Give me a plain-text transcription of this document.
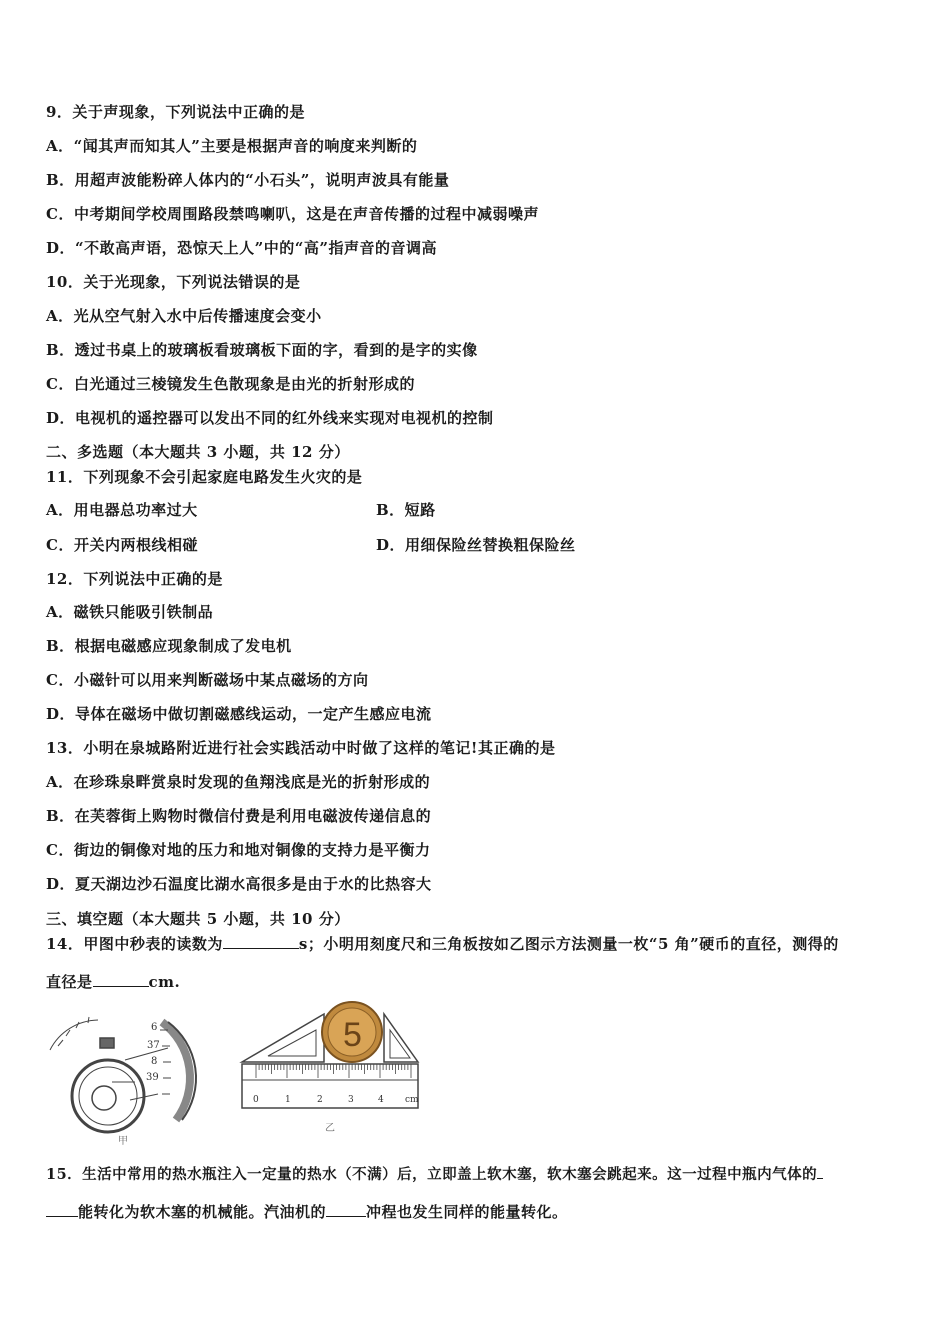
9．关于声现象，下列说法中正确的是
A．“闻其声而知其人”主要是根据声音的响度来判断的
B．用超声波能粉碎人体内的“小石头”，说明声波具有能量
C．中考期间学校周围路段禁鸣喇叭，这是在声音传播的过程中减弱噪声
D．“不敢高声语，恐惊天上人”中的“高”指声音的音调高
10．关于光现象，下列说法错误的是
A．光从空气射入水中后传播速度会变小
B．透过书桌上的玻璃板看玻璃板下面的字，看到的是字的实像
C．白光通过三棱镜发生色散现象是由光的折射形成的
D．电视机的遥控器可以发出不同的红外线来实现对电视机的控制
二、多选题（本大题共 3 小题，共 12 分）
11．下列现象不会引起家庭电路发生火灾的是
A．用电器总功率过大	B．短路
C．开关内两根线相碰	D．用细保险丝替换粗保险丝
12．下列说法中正确的是
A．磁铁只能吸引铁制品
B．根据电磁感应现象制成了发电机
C．小磁针可以用来判断磁场中某点磁场的方向
D．导体在磁场中做切割磁感线运动，一定产生感应电流
13．小明在泉城路附近进行社会实践活动中时做了这样的笔记!其正确的是
A．在珍珠泉畔赏泉时发现的鱼翔浅底是光的折射形成的
B．在芙蓉街上购物时微信付费是利用电磁波传递信息的
C．街边的铜像对地的压力和地对铜像的支持力是平衡力
D．夏天湖边沙石温度比湖水高很多是由于水的比热容大
三、填空题（本大题共 5 小题，共 10 分）
14．甲图中秒表的读数为	s；小明用刻度尺和三角板按如乙图示方法测量一枚“5 角”硬币的直径，测得的
直径是	cm.
6
37
8
39
甲
5
0	1	2	3	4 cm
乙
15．生活中常用的热水瓶注入一定量的热水（不满）后，立即盖上软木塞，软木塞会跳起来。这一过程中瓶内气体的
能转化为软木塞的机械能。汽油机的	冲程也发生同样的能量转化。
